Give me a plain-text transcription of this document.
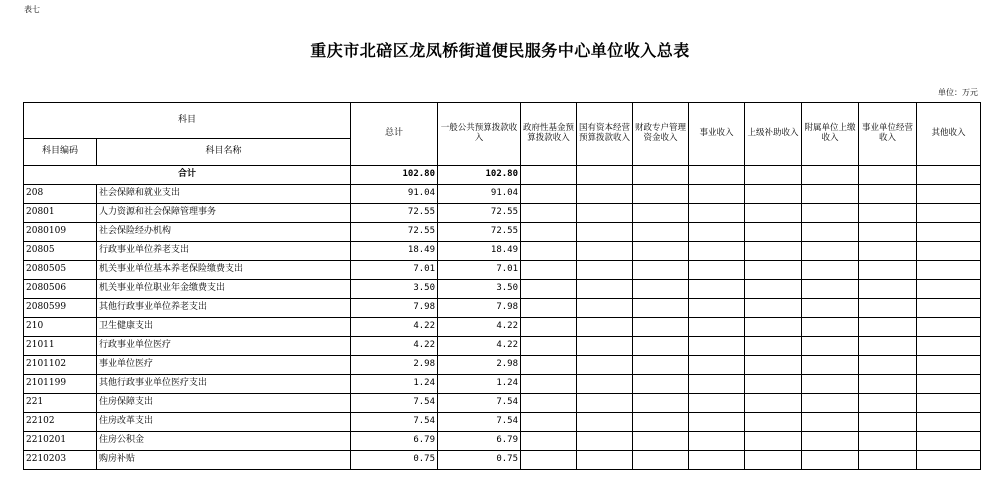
表七
重庆市北碚区龙凤桥街道便民服务中心单位收入总表
单位：万元
科目		总计	一般公共预算拨款收入	政府性基金预算拨款收入	国有资本经营预算拨款收入	财政专户管理资金收入	事业收入	上级补助收入	附属单位上缴收入	事业单位经营收入	其他收入
科目编码	科目名称										
合计		102.80	102.80								
208	社会保障和就业支出	91.04	91.04								
20801	人力资源和社会保障管理事务	72.55	72.55								
2080109	社会保险经办机构	72.55	72.55								
20805	行政事业单位养老支出	18.49	18.49								
2080505	机关事业单位基本养老保险缴费支出	7.01	7.01								
2080506	机关事业单位职业年金缴费支出	3.50	3.50								
2080599	其他行政事业单位养老支出	7.98	7.98								
210	卫生健康支出	4.22	4.22								
21011	行政事业单位医疗	4.22	4.22								
2101102	事业单位医疗	2.98	2.98								
2101199	其他行政事业单位医疗支出	1.24	1.24								
221	住房保障支出	7.54	7.54								
22102	住房改革支出	7.54	7.54								
2210201	住房公积金	6.79	6.79								
2210203	购房补贴	0.75	0.75								
